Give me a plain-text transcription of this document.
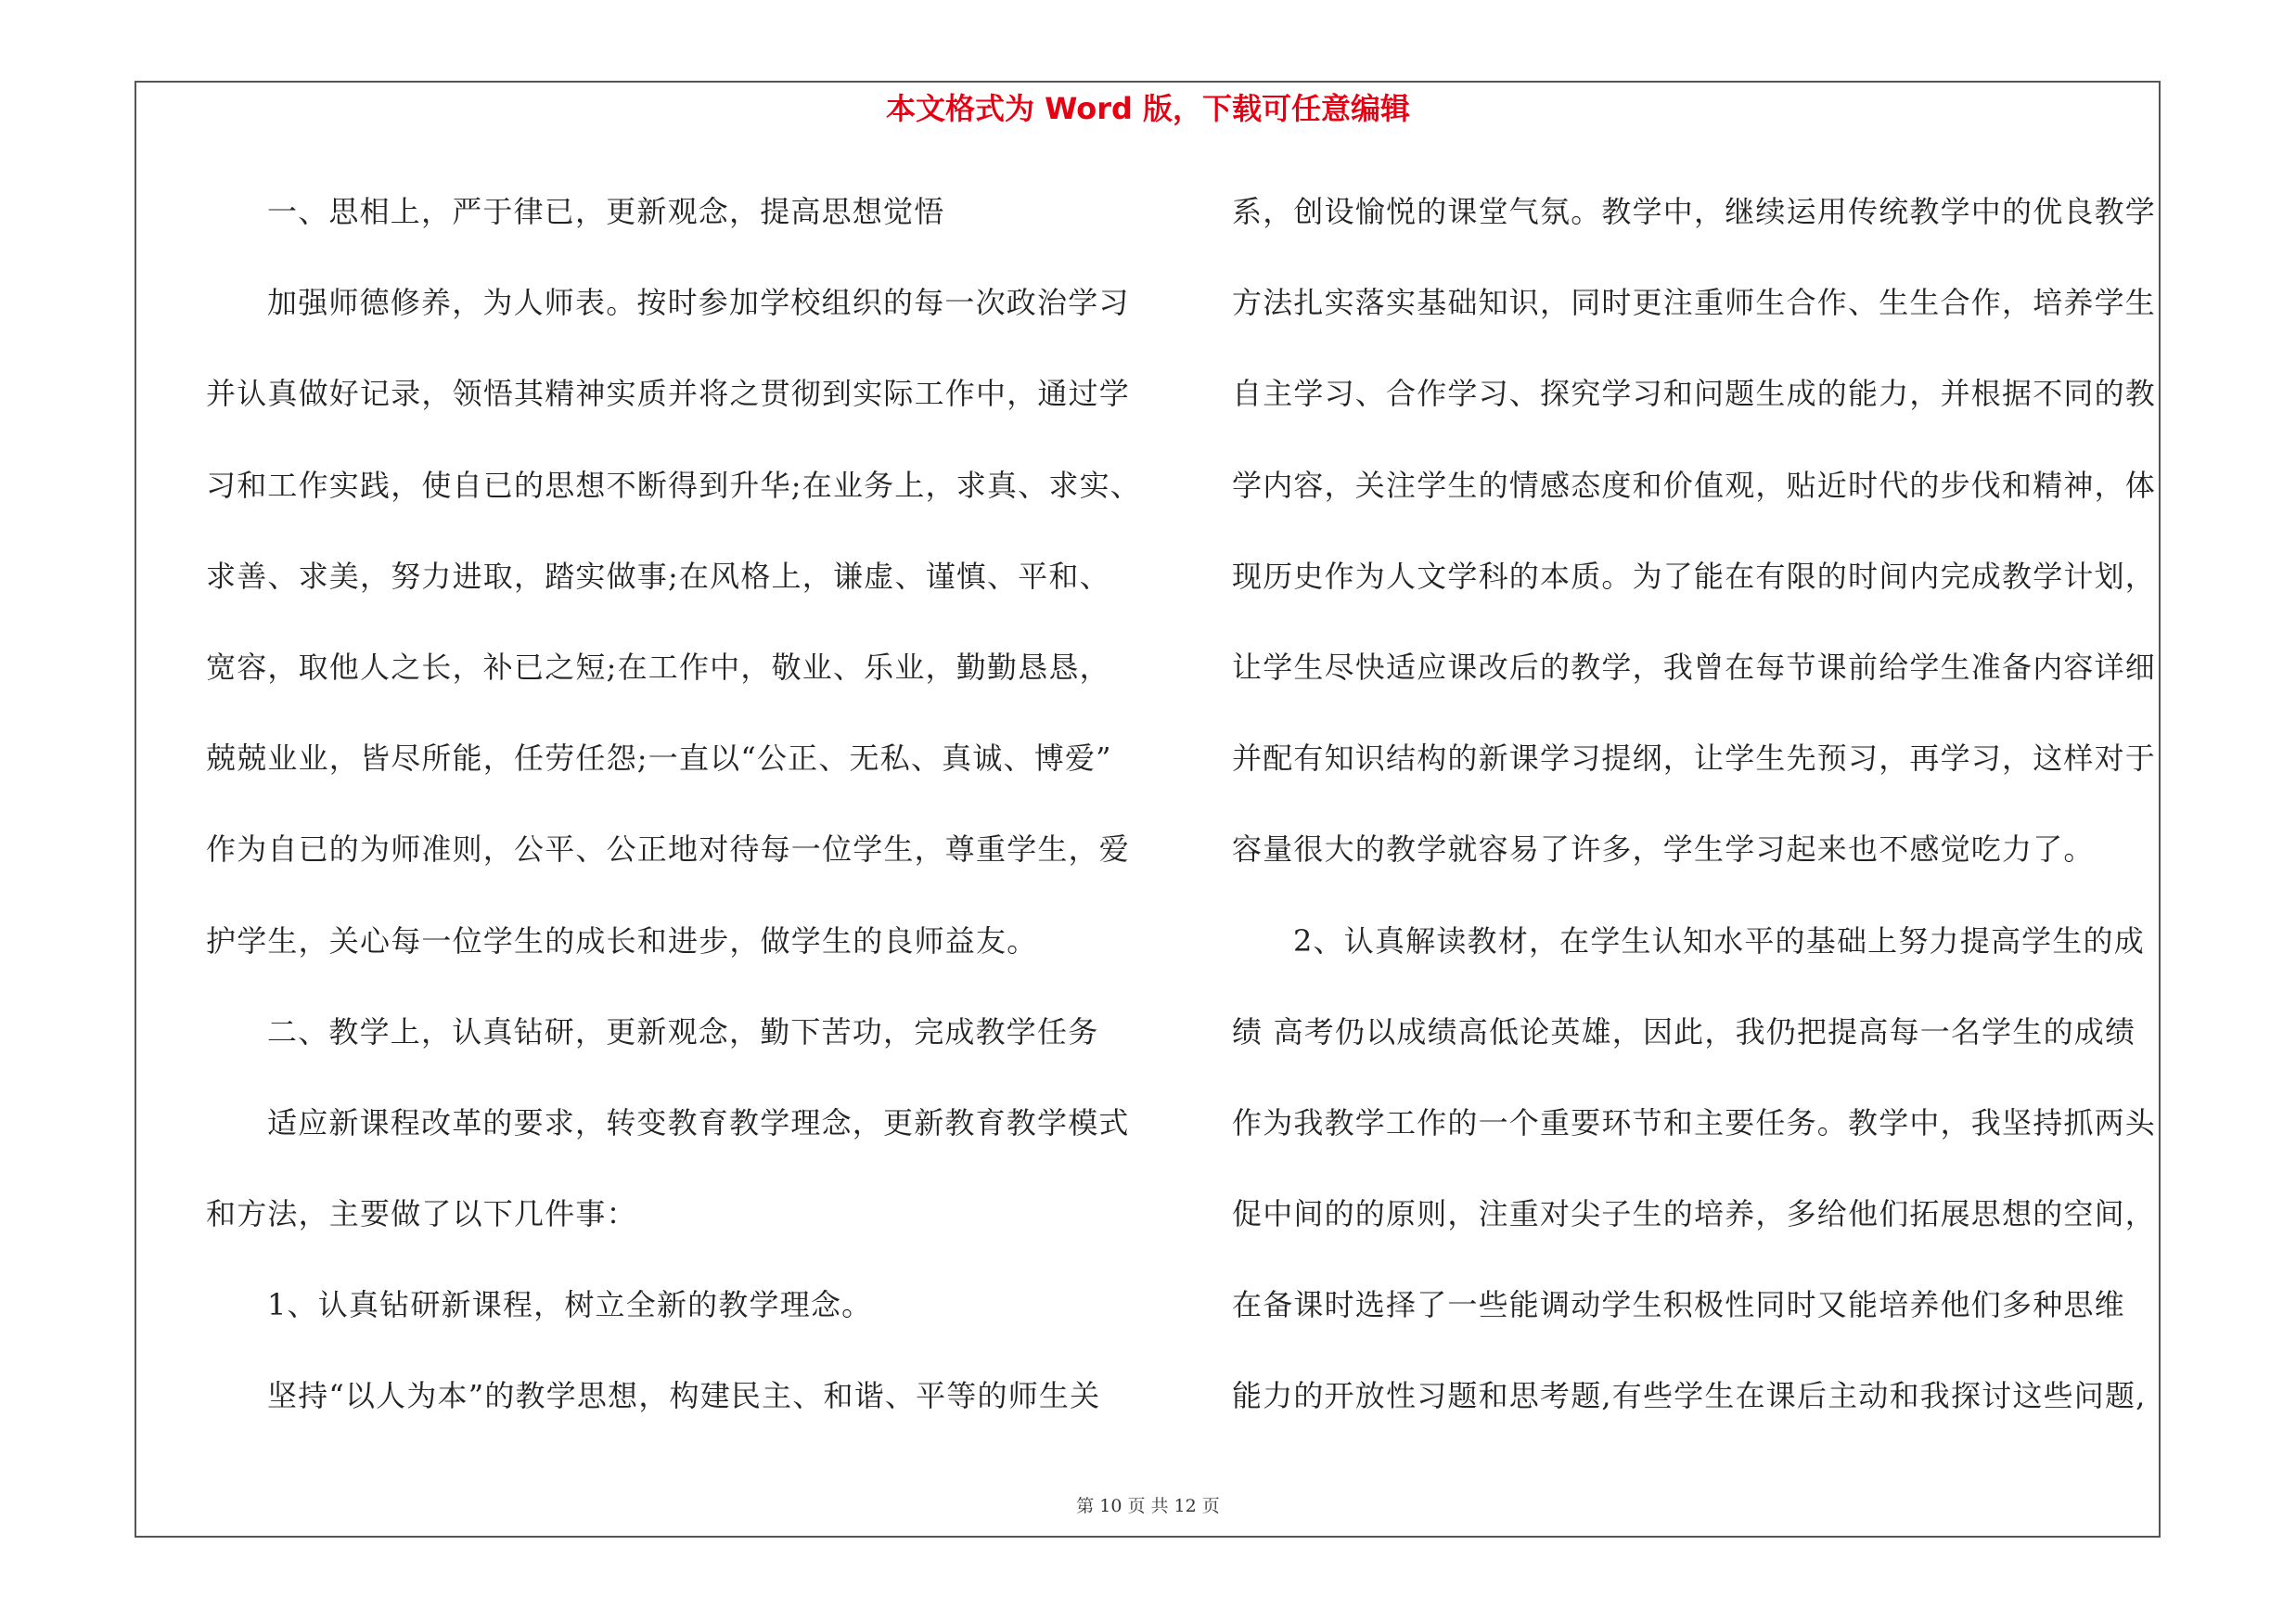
本文格式为 Word 版，下载可任意编辑
一、思相上，严于律已，更新观念，提高思想觉悟
加强师德修养，为人师表。按时参加学校组织的每一次政治学习
并认真做好记录，领悟其精神实质并将之贯彻到实际工作中，通过学
习和工作实践，使自已的思想不断得到升华;在业务上，求真、求实、
求善、求美，努力进取，踏实做事;在风格上，谦虚、谨慎、平和、
宽容，取他人之长，补已之短;在工作中，敬业、乐业，勤勤恳恳，
兢兢业业，皆尽所能，任劳任怨;一直以“公正、无私、真诚、博爱”
作为自已的为师准则，公平、公正地对待每一位学生，尊重学生，爱
护学生，关心每一位学生的成长和进步，做学生的良师益友。
二、教学上，认真钻研，更新观念，勤下苦功，完成教学任务
适应新课程改革的要求，转变教育教学理念，更新教育教学模式
和方法，主要做了以下几件事：
1、认真钻研新课程，树立全新的教学理念。
坚持“以人为本”的教学思想，构建民主、和谐、平等的师生关
系，创设愉悦的课堂气氛。教学中，继续运用传统教学中的优良教学
方法扎实落实基础知识，同时更注重师生合作、生生合作，培养学生
自主学习、合作学习、探究学习和问题生成的能力，并根据不同的教
学内容，关注学生的情感态度和价值观，贴近时代的步伐和精神，体
现历史作为人文学科的本质。为了能在有限的时间内完成教学计划，
让学生尽快适应课改后的教学，我曾在每节课前给学生准备内容详细
并配有知识结构的新课学习提纲，让学生先预习，再学习，这样对于
容量很大的教学就容易了许多，学生学习起来也不感觉吃力了。
2、认真解读教材，在学生认知水平的基础上努力提高学生的成
绩 高考仍以成绩高低论英雄，因此，我仍把提高每一名学生的成绩
作为我教学工作的一个重要环节和主要任务。教学中，我坚持抓两头
促中间的的原则，注重对尖子生的培养，多给他们拓展思想的空间，
在备课时选择了一些能调动学生积极性同时又能培养他们多种思维
能力的开放性习题和思考题,有些学生在课后主动和我探讨这些问题,
第 10 页 共 12 页
